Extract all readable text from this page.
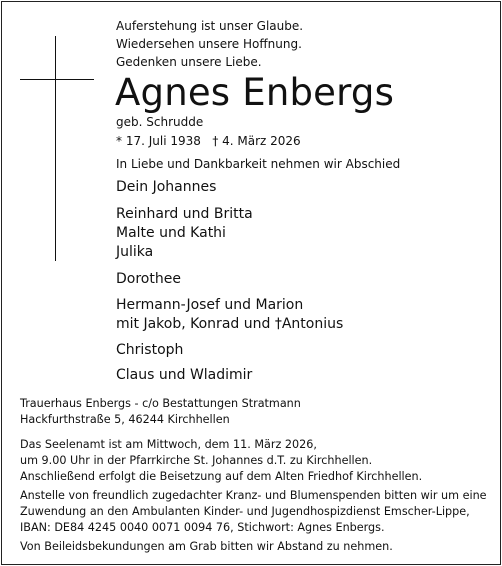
Auferstehung ist unser Glaube.
Wiedersehen unsere Hoffnung.
Gedenken unsere Liebe.
Agnes Enbergs
geb. Schrudde
* 17. Juli 1938   † 4. März 2026
In Liebe und Dankbarkeit nehmen wir Abschied
Dein Johannes
Reinhard und Britta
Malte und Kathi
Julika
Dorothee
Hermann-Josef und Marion
mit Jakob, Konrad und †Antonius
Christoph
Claus und Wladimir
Trauerhaus Enbergs - c/o Bestattungen Stratmann
Hackfurthstraße 5, 46244 Kirchhellen
Das Seelenamt ist am Mittwoch, dem 11. März 2026,
um 9.00 Uhr in der Pfarrkirche St. Johannes d.T. zu Kirchhellen.
Anschließend erfolgt die Beisetzung auf dem Alten Friedhof Kirchhellen.
Anstelle von freundlich zugedachter Kranz- und Blumenspenden bitten wir um eine
Zuwendung an den Ambulanten Kinder- und Jugendhospizdienst Emscher-Lippe,
IBAN: DE84 4245 0040 0071 0094 76, Stichwort: Agnes Enbergs.
Von Beileidsbekundungen am Grab bitten wir Abstand zu nehmen.
